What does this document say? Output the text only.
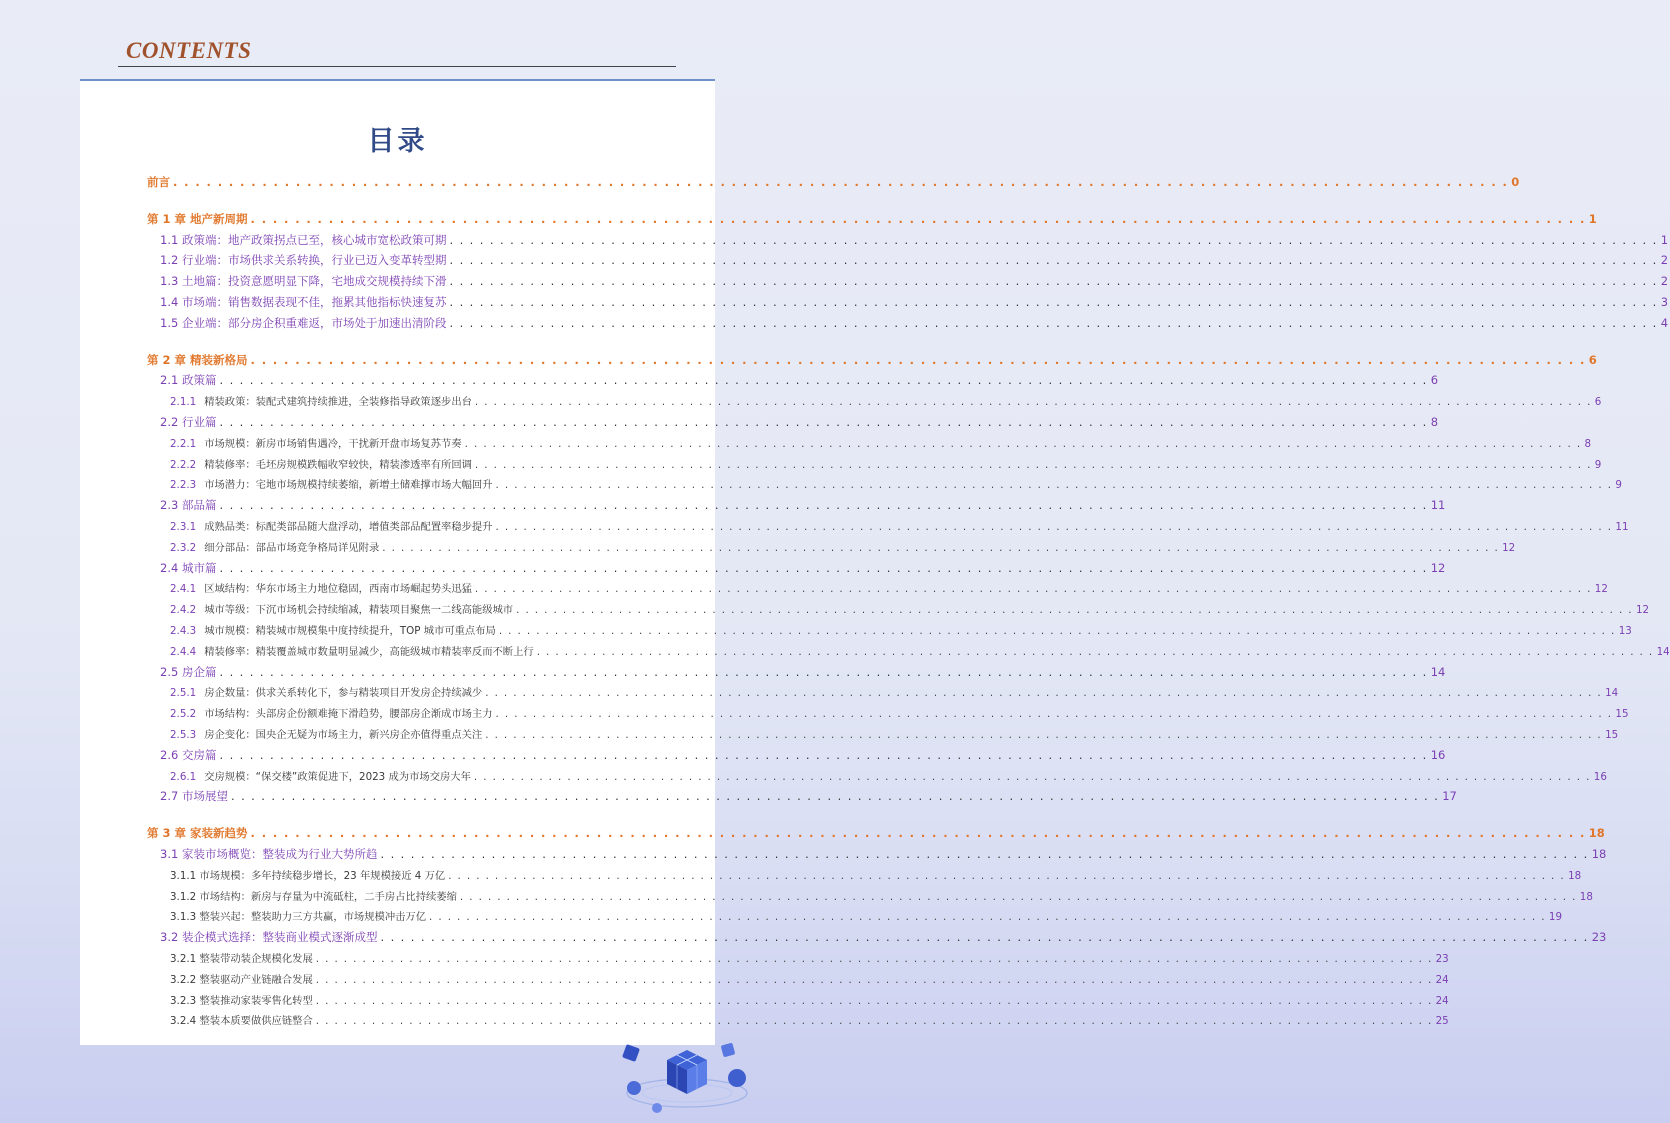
CONTENTS
目录
前言 . . . . . . . . . . . . . . . . . . . . . . . . . . . . . . . . . . . . . . . . . . . . . . . . . . . . . . . . . . . . . . . . . . . . . . . . . . . . . . . . . . . . . . . . . . . . . . . . . . . . . . . . . . . . . . . . . . . . . . . . 0
第 1 章 地产新周期 . . . . . . . . . . . . . . . . . . . . . . . . . . . . . . . . . . . . . . . . . . . . . . . . . . . . . . . . . . . . . . . . . . . . . . . . . . . . . . . . . . . . . . . . . . . . . . . . . . . . . . . . . . . . . . . . . . . . . . . . 1
1.1 政策端：地产政策拐点已至，核心城市宽松政策可期 . . . . . . . . . . . . . . . . . . . . . . . . . . . . . . . . . . . . . . . . . . . . . . . . . . . . . . . . . . . . . . . . . . . . . . . . . . . . . . . . . . . . . . . . . . . . . . . . . . . . . . . . . . . . . . . . . . . . . . . . 1
1.2 行业端：市场供求关系转换，行业已迈入变革转型期 . . . . . . . . . . . . . . . . . . . . . . . . . . . . . . . . . . . . . . . . . . . . . . . . . . . . . . . . . . . . . . . . . . . . . . . . . . . . . . . . . . . . . . . . . . . . . . . . . . . . . . . . . . . . . . . . . . . . . . . . 2
1.3 土地篇：投资意愿明显下降，宅地成交规模持续下滑 . . . . . . . . . . . . . . . . . . . . . . . . . . . . . . . . . . . . . . . . . . . . . . . . . . . . . . . . . . . . . . . . . . . . . . . . . . . . . . . . . . . . . . . . . . . . . . . . . . . . . . . . . . . . . . . . . . . . . . . . 2
1.4 市场端：销售数据表现不佳，拖累其他指标快速复苏 . . . . . . . . . . . . . . . . . . . . . . . . . . . . . . . . . . . . . . . . . . . . . . . . . . . . . . . . . . . . . . . . . . . . . . . . . . . . . . . . . . . . . . . . . . . . . . . . . . . . . . . . . . . . . . . . . . . . . . . . 3
1.5 企业端：部分房企积重难返，市场处于加速出清阶段 . . . . . . . . . . . . . . . . . . . . . . . . . . . . . . . . . . . . . . . . . . . . . . . . . . . . . . . . . . . . . . . . . . . . . . . . . . . . . . . . . . . . . . . . . . . . . . . . . . . . . . . . . . . . . . . . . . . . . . . . 4
第 2 章 精装新格局 . . . . . . . . . . . . . . . . . . . . . . . . . . . . . . . . . . . . . . . . . . . . . . . . . . . . . . . . . . . . . . . . . . . . . . . . . . . . . . . . . . . . . . . . . . . . . . . . . . . . . . . . . . . . . . . . . . . . . . . . 6
2.1 政策篇 . . . . . . . . . . . . . . . . . . . . . . . . . . . . . . . . . . . . . . . . . . . . . . . . . . . . . . . . . . . . . . . . . . . . . . . . . . . . . . . . . . . . . . . . . . . . . . . . . . . . . . . . . . . . . . . . . . . . . . . . 6
2.1.1 精装政策：装配式建筑持续推进，全装修指导政策逐步出台 . . . . . . . . . . . . . . . . . . . . . . . . . . . . . . . . . . . . . . . . . . . . . . . . . . . . . . . . . . . . . . . . . . . . . . . . . . . . . . . . . . . . . . . . . . . . . . . . . . . . . . . . . . . . . . . . . . . . . . . . 6
2.2 行业篇 . . . . . . . . . . . . . . . . . . . . . . . . . . . . . . . . . . . . . . . . . . . . . . . . . . . . . . . . . . . . . . . . . . . . . . . . . . . . . . . . . . . . . . . . . . . . . . . . . . . . . . . . . . . . . . . . . . . . . . . . 8
2.2.1 市场规模：新房市场销售遇冷，干扰新开盘市场复苏节奏 . . . . . . . . . . . . . . . . . . . . . . . . . . . . . . . . . . . . . . . . . . . . . . . . . . . . . . . . . . . . . . . . . . . . . . . . . . . . . . . . . . . . . . . . . . . . . . . . . . . . . . . . . . . . . . . . . . . . . . . . 8
2.2.2 精装修率：毛坯房规模跌幅收窄较快，精装渗透率有所回调 . . . . . . . . . . . . . . . . . . . . . . . . . . . . . . . . . . . . . . . . . . . . . . . . . . . . . . . . . . . . . . . . . . . . . . . . . . . . . . . . . . . . . . . . . . . . . . . . . . . . . . . . . . . . . . . . . . . . . . . . 9
2.2.3 市场潜力：宅地市场规模持续萎缩，新增土储难撑市场大幅回升 . . . . . . . . . . . . . . . . . . . . . . . . . . . . . . . . . . . . . . . . . . . . . . . . . . . . . . . . . . . . . . . . . . . . . . . . . . . . . . . . . . . . . . . . . . . . . . . . . . . . . . . . . . . . . . . . . . . . . . . . 9
2.3 部品篇 . . . . . . . . . . . . . . . . . . . . . . . . . . . . . . . . . . . . . . . . . . . . . . . . . . . . . . . . . . . . . . . . . . . . . . . . . . . . . . . . . . . . . . . . . . . . . . . . . . . . . . . . . . . . . . . . . . . . . . . . 11
2.3.1 成熟品类：标配类部品随大盘浮动，增值类部品配置率稳步提升 . . . . . . . . . . . . . . . . . . . . . . . . . . . . . . . . . . . . . . . . . . . . . . . . . . . . . . . . . . . . . . . . . . . . . . . . . . . . . . . . . . . . . . . . . . . . . . . . . . . . . . . . . . . . . . . . . . . . . . . . 11
2.3.2 细分部品：部品市场竞争格局详见附录 . . . . . . . . . . . . . . . . . . . . . . . . . . . . . . . . . . . . . . . . . . . . . . . . . . . . . . . . . . . . . . . . . . . . . . . . . . . . . . . . . . . . . . . . . . . . . . . . . . . . . . . . . . . . . . . . . . . . . . . . 12
2.4 城市篇 . . . . . . . . . . . . . . . . . . . . . . . . . . . . . . . . . . . . . . . . . . . . . . . . . . . . . . . . . . . . . . . . . . . . . . . . . . . . . . . . . . . . . . . . . . . . . . . . . . . . . . . . . . . . . . . . . . . . . . . . 12
2.4.1 区域结构：华东市场主力地位稳固，西南市场崛起势头迅猛 . . . . . . . . . . . . . . . . . . . . . . . . . . . . . . . . . . . . . . . . . . . . . . . . . . . . . . . . . . . . . . . . . . . . . . . . . . . . . . . . . . . . . . . . . . . . . . . . . . . . . . . . . . . . . . . . . . . . . . . . 12
2.4.2 城市等级：下沉市场机会持续缩减，精装项目聚焦一二线高能级城市 . . . . . . . . . . . . . . . . . . . . . . . . . . . . . . . . . . . . . . . . . . . . . . . . . . . . . . . . . . . . . . . . . . . . . . . . . . . . . . . . . . . . . . . . . . . . . . . . . . . . . . . . . . . . . . . . . . . . . . . . 12
2.4.3 城市规模：精装城市规模集中度持续提升，TOP 城市可重点布局 . . . . . . . . . . . . . . . . . . . . . . . . . . . . . . . . . . . . . . . . . . . . . . . . . . . . . . . . . . . . . . . . . . . . . . . . . . . . . . . . . . . . . . . . . . . . . . . . . . . . . . . . . . . . . . . . . . . . . . . . 13
2.4.4 精装修率：精装覆盖城市数量明显减少，高能级城市精装率反而不断上行 . . . . . . . . . . . . . . . . . . . . . . . . . . . . . . . . . . . . . . . . . . . . . . . . . . . . . . . . . . . . . . . . . . . . . . . . . . . . . . . . . . . . . . . . . . . . . . . . . . . . . . . . . . . . . . . . . . . . . . . . 14
2.5 房企篇 . . . . . . . . . . . . . . . . . . . . . . . . . . . . . . . . . . . . . . . . . . . . . . . . . . . . . . . . . . . . . . . . . . . . . . . . . . . . . . . . . . . . . . . . . . . . . . . . . . . . . . . . . . . . . . . . . . . . . . . . 14
2.5.1 房企数量：供求关系转化下，参与精装项目开发房企持续减少 . . . . . . . . . . . . . . . . . . . . . . . . . . . . . . . . . . . . . . . . . . . . . . . . . . . . . . . . . . . . . . . . . . . . . . . . . . . . . . . . . . . . . . . . . . . . . . . . . . . . . . . . . . . . . . . . . . . . . . . . 14
2.5.2 市场结构：头部房企份额难掩下滑趋势，腰部房企渐成市场主力 . . . . . . . . . . . . . . . . . . . . . . . . . . . . . . . . . . . . . . . . . . . . . . . . . . . . . . . . . . . . . . . . . . . . . . . . . . . . . . . . . . . . . . . . . . . . . . . . . . . . . . . . . . . . . . . . . . . . . . . . 15
2.5.3 房企变化：国央企无疑为市场主力，新兴房企亦值得重点关注 . . . . . . . . . . . . . . . . . . . . . . . . . . . . . . . . . . . . . . . . . . . . . . . . . . . . . . . . . . . . . . . . . . . . . . . . . . . . . . . . . . . . . . . . . . . . . . . . . . . . . . . . . . . . . . . . . . . . . . . . 15
2.6 交房篇 . . . . . . . . . . . . . . . . . . . . . . . . . . . . . . . . . . . . . . . . . . . . . . . . . . . . . . . . . . . . . . . . . . . . . . . . . . . . . . . . . . . . . . . . . . . . . . . . . . . . . . . . . . . . . . . . . . . . . . . . 16
2.6.1 交房规模：“保交楼”政策促进下，2023 成为市场交房大年 . . . . . . . . . . . . . . . . . . . . . . . . . . . . . . . . . . . . . . . . . . . . . . . . . . . . . . . . . . . . . . . . . . . . . . . . . . . . . . . . . . . . . . . . . . . . . . . . . . . . . . . . . . . . . . . . . . . . . . . . 16
2.7 市场展望 . . . . . . . . . . . . . . . . . . . . . . . . . . . . . . . . . . . . . . . . . . . . . . . . . . . . . . . . . . . . . . . . . . . . . . . . . . . . . . . . . . . . . . . . . . . . . . . . . . . . . . . . . . . . . . . . . . . . . . . . 17
第 3 章 家装新趋势 . . . . . . . . . . . . . . . . . . . . . . . . . . . . . . . . . . . . . . . . . . . . . . . . . . . . . . . . . . . . . . . . . . . . . . . . . . . . . . . . . . . . . . . . . . . . . . . . . . . . . . . . . . . . . . . . . . . . . . . . 18
3.1 家装市场概览：整装成为行业大势所趋 . . . . . . . . . . . . . . . . . . . . . . . . . . . . . . . . . . . . . . . . . . . . . . . . . . . . . . . . . . . . . . . . . . . . . . . . . . . . . . . . . . . . . . . . . . . . . . . . . . . . . . . . . . . . . . . . . . . . . . . . 18
3.1.1 市场规模：多年持续稳步增长，23 年规模接近 4 万亿 . . . . . . . . . . . . . . . . . . . . . . . . . . . . . . . . . . . . . . . . . . . . . . . . . . . . . . . . . . . . . . . . . . . . . . . . . . . . . . . . . . . . . . . . . . . . . . . . . . . . . . . . . . . . . . . . . . . . . . . . 18
3.1.2 市场结构：新房与存量为中流砥柱，二手房占比持续萎缩 . . . . . . . . . . . . . . . . . . . . . . . . . . . . . . . . . . . . . . . . . . . . . . . . . . . . . . . . . . . . . . . . . . . . . . . . . . . . . . . . . . . . . . . . . . . . . . . . . . . . . . . . . . . . . . . . . . . . . . . . 18
3.1.3 整装兴起：整装助力三方共赢，市场规模冲击万亿 . . . . . . . . . . . . . . . . . . . . . . . . . . . . . . . . . . . . . . . . . . . . . . . . . . . . . . . . . . . . . . . . . . . . . . . . . . . . . . . . . . . . . . . . . . . . . . . . . . . . . . . . . . . . . . . . . . . . . . . . 19
3.2 装企模式选择：整装商业模式逐渐成型 . . . . . . . . . . . . . . . . . . . . . . . . . . . . . . . . . . . . . . . . . . . . . . . . . . . . . . . . . . . . . . . . . . . . . . . . . . . . . . . . . . . . . . . . . . . . . . . . . . . . . . . . . . . . . . . . . . . . . . . . 23
3.2.1 整装带动装企规模化发展 . . . . . . . . . . . . . . . . . . . . . . . . . . . . . . . . . . . . . . . . . . . . . . . . . . . . . . . . . . . . . . . . . . . . . . . . . . . . . . . . . . . . . . . . . . . . . . . . . . . . . . . . . . . . . . . . . . . . . . . . 23
3.2.2 整装驱动产业链融合发展 . . . . . . . . . . . . . . . . . . . . . . . . . . . . . . . . . . . . . . . . . . . . . . . . . . . . . . . . . . . . . . . . . . . . . . . . . . . . . . . . . . . . . . . . . . . . . . . . . . . . . . . . . . . . . . . . . . . . . . . . 24
3.2.3 整装推动家装零售化转型 . . . . . . . . . . . . . . . . . . . . . . . . . . . . . . . . . . . . . . . . . . . . . . . . . . . . . . . . . . . . . . . . . . . . . . . . . . . . . . . . . . . . . . . . . . . . . . . . . . . . . . . . . . . . . . . . . . . . . . . . 24
3.2.4 整装本质要做供应链整合 . . . . . . . . . . . . . . . . . . . . . . . . . . . . . . . . . . . . . . . . . . . . . . . . . . . . . . . . . . . . . . . . . . . . . . . . . . . . . . . . . . . . . . . . . . . . . . . . . . . . . . . . . . . . . . . . . . . . . . . . 25
